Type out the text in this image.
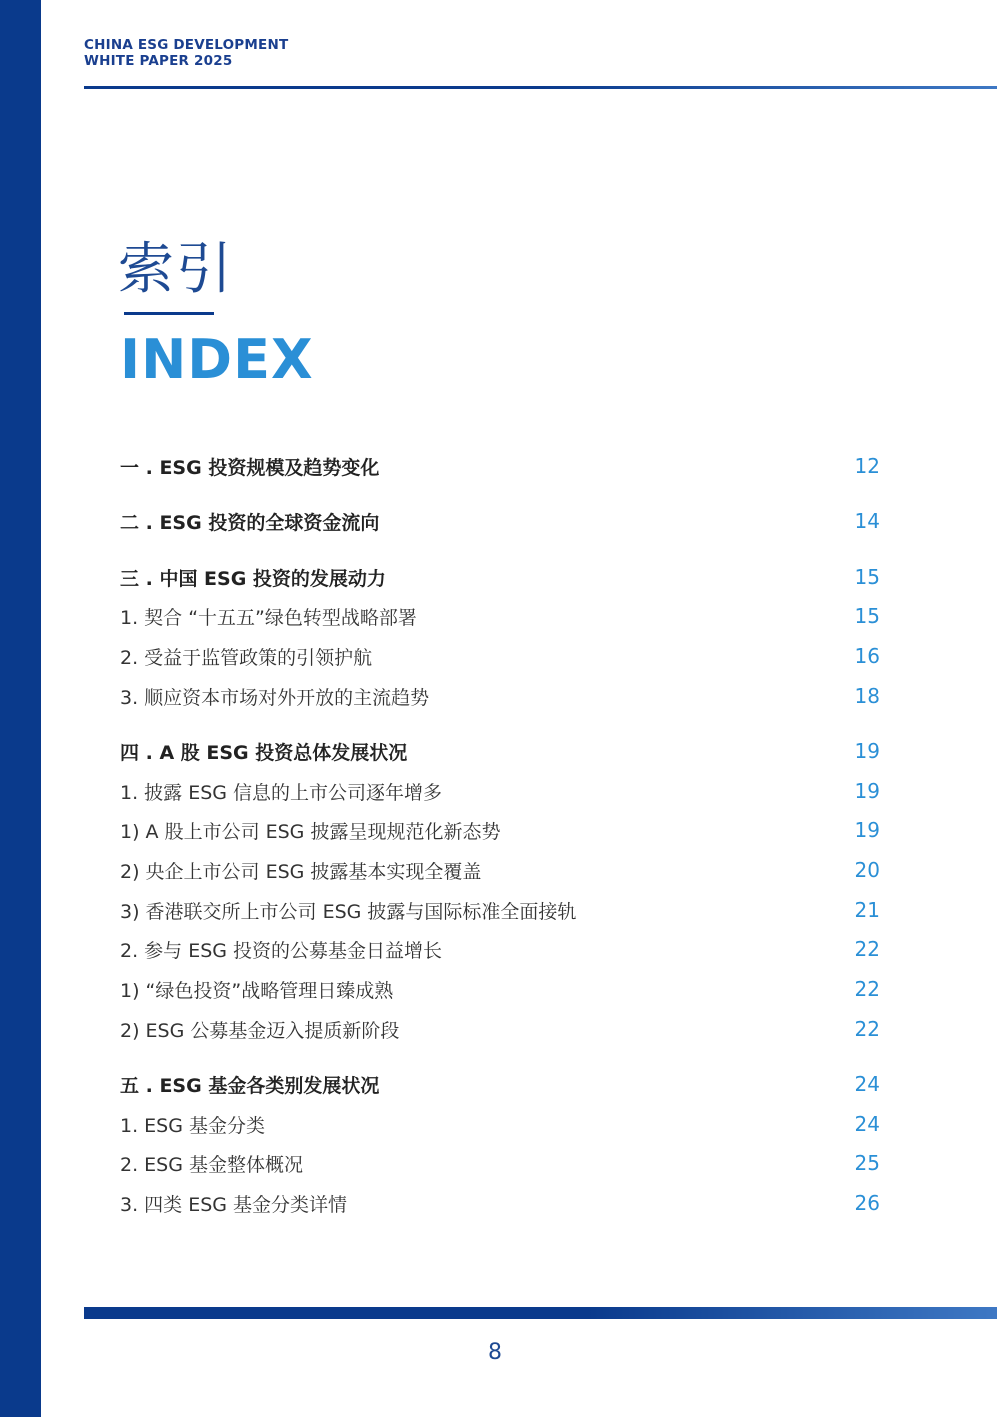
CHINA ESG DEVELOPMENT
WHITE PAPER 2025
索引
INDEX
一 . ESG 投资规模及趋势变化	12
二 . ESG 投资的全球资金流向	14
三 . 中国 ESG 投资的发展动力	15
1. 契合 “十五五”绿色转型战略部署	15
2. 受益于监管政策的引领护航	16
3. 顺应资本市场对外开放的主流趋势	18
四 . A 股 ESG 投资总体发展状况	19
1. 披露 ESG 信息的上市公司逐年增多	19
1) A 股上市公司 ESG 披露呈现规范化新态势	19
2) 央企上市公司 ESG 披露基本实现全覆盖	20
3) 香港联交所上市公司 ESG 披露与国际标准全面接轨	21
2. 参与 ESG 投资的公募基金日益增长	22
1) “绿色投资”战略管理日臻成熟	22
2) ESG 公募基金迈入提质新阶段	22
五 . ESG 基金各类别发展状况	24
1. ESG 基金分类	24
2. ESG 基金整体概况	25
3. 四类 ESG 基金分类详情	26
8
